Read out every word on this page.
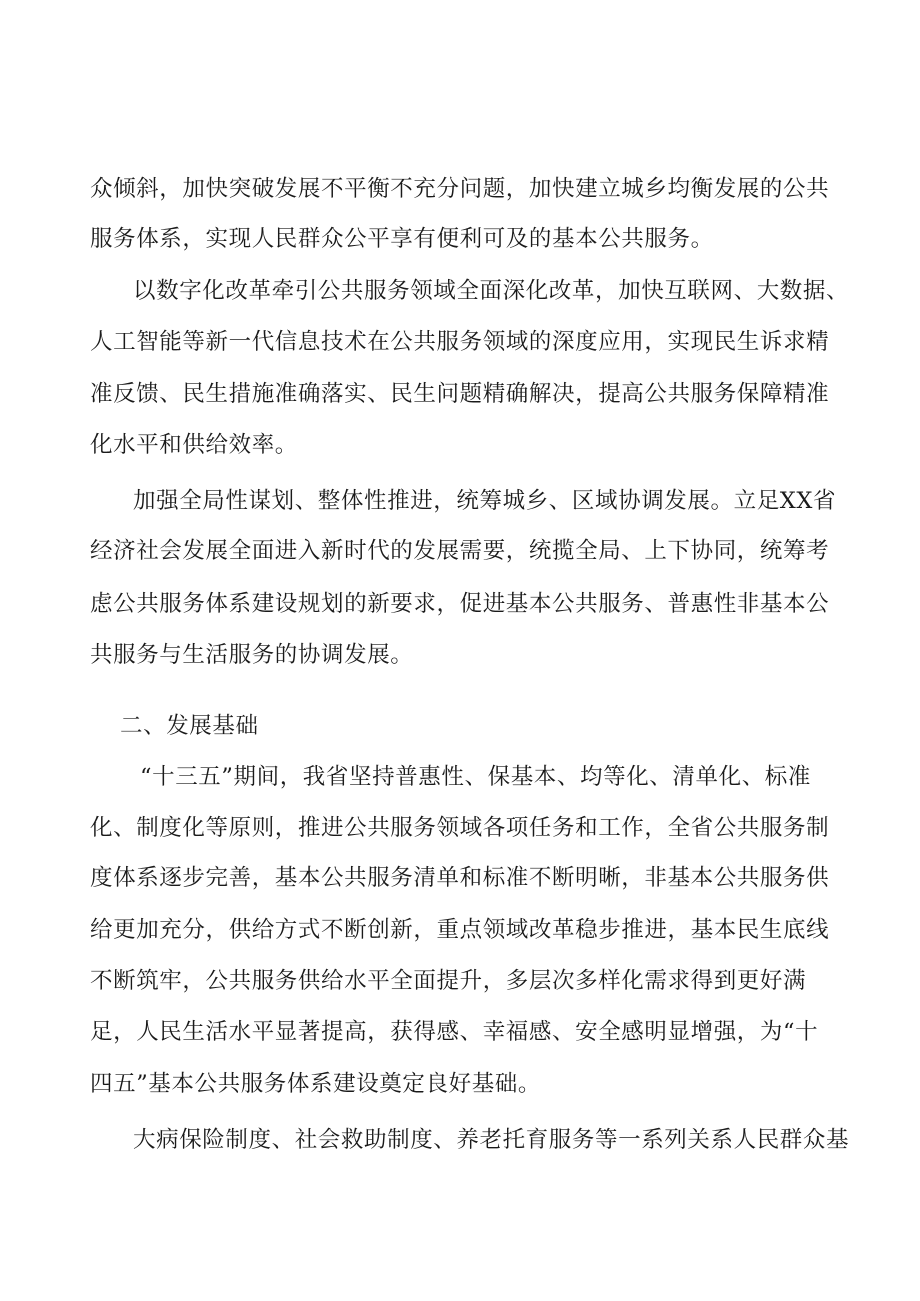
众倾斜，加快突破发展不平衡不充分问题，加快建立城乡均衡发展的公共
服务体系，实现人民群众公平享有便利可及的基本公共服务。
以数字化改革牵引公共服务领域全面深化改革，加快互联网、大数据、
人工智能等新一代信息技术在公共服务领域的深度应用，实现民生诉求精
准反馈、民生措施准确落实、民生问题精确解决，提高公共服务保障精准
化水平和供给效率。
加强全局性谋划、整体性推进，统筹城乡、区域协调发展。立足XX省
经济社会发展全面进入新时代的发展需要，统揽全局、上下协同，统筹考
虑公共服务体系建设规划的新要求，促进基本公共服务、普惠性非基本公
共服务与生活服务的协调发展。
二、发展基础
“十三五”期间，我省坚持普惠性、保基本、均等化、清单化、标准
化、制度化等原则，推进公共服务领域各项任务和工作，全省公共服务制
度体系逐步完善，基本公共服务清单和标准不断明晰，非基本公共服务供
给更加充分，供给方式不断创新，重点领域改革稳步推进，基本民生底线
不断筑牢，公共服务供给水平全面提升，多层次多样化需求得到更好满
足，人民生活水平显著提高，获得感、幸福感、安全感明显增强，为“十
四五”基本公共服务体系建设奠定良好基础。
大病保险制度、社会救助制度、养老托育服务等一系列关系人民群众基
